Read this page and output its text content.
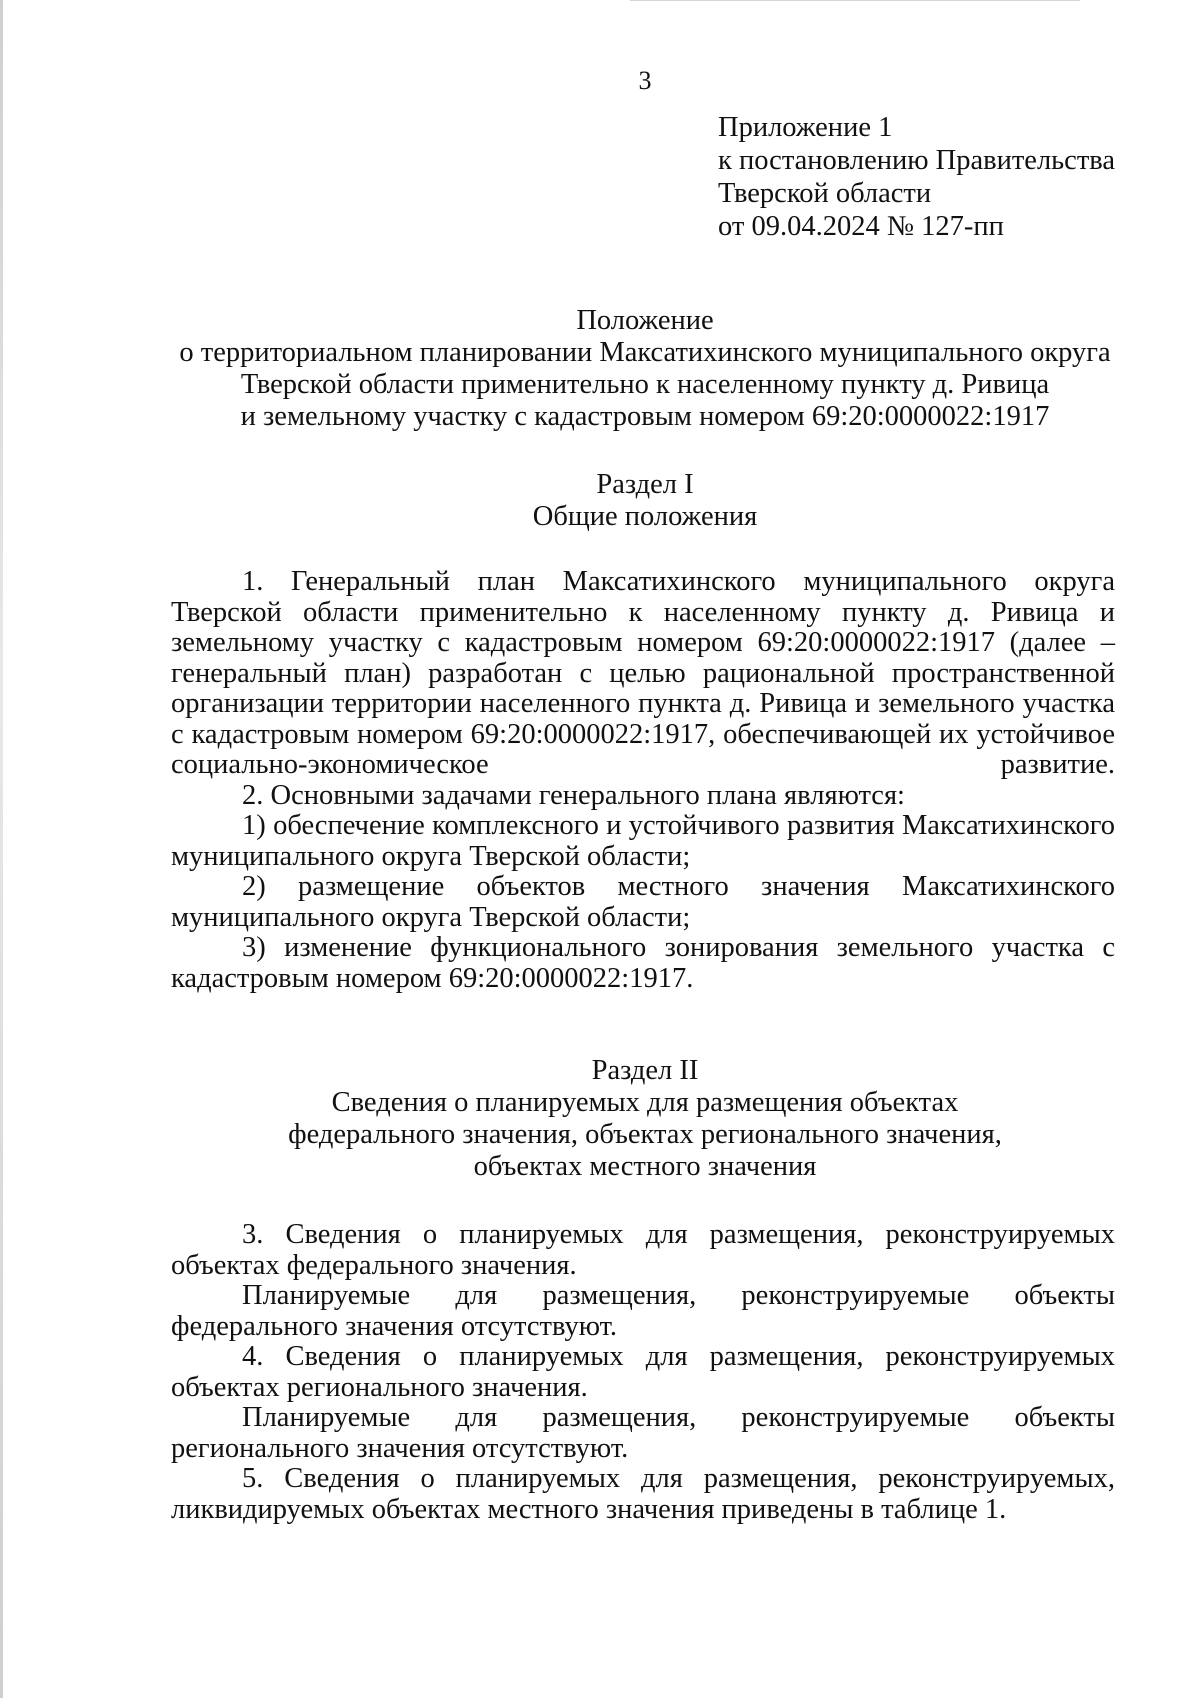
3
Приложение 1
к постановлению Правительства
Тверской области
от 09.04.2024 № 127-пп
Положение
о территориальном планировании Максатихинского муниципального округа
Тверской области применительно к населенному пункту д. Ривица
и земельному участку с кадастровым номером 69:20:0000022:1917
Раздел I
Общие положения

1. Генеральный план Максатихинского муниципального округа Тверской области применительно к населенному пункту д. Ривица и земельному участку с кадастровым номером 69:20:0000022:1917 (далее – генеральный план) разработан с целью рациональной пространственной организации территории населенного пункта д. Ривица и земельного участка с кадастровым номером 69:20:0000022:1917, обеспечивающей их устойчивое социально-экономическое развитие.

2. Основными задачами генерального плана являются:

1) обеспечение комплексного и устойчивого развития Максатихинского муниципального округа Тверской области;

2) размещение объектов местного значения Максатихинского муниципального округа Тверской области;

3) изменение функционального зонирования земельного участка с кадастровым номером 69:20:0000022:1917.

Раздел II
Сведения о планируемых для размещения объектах
федерального значения, объектах регионального значения,
объектах местного значения

3. Сведения о планируемых для размещения, реконструируемых объектах федерального значения.

Планируемые для размещения, реконструируемые объекты федерального значения отсутствуют.

4. Сведения о планируемых для размещения, реконструируемых объектах регионального значения.

Планируемые для размещения, реконструируемые объекты регионального значения отсутствуют.

5. Сведения о планируемых для размещения, реконструируемых, ликвидируемых объектах местного значения приведены в таблице 1.
